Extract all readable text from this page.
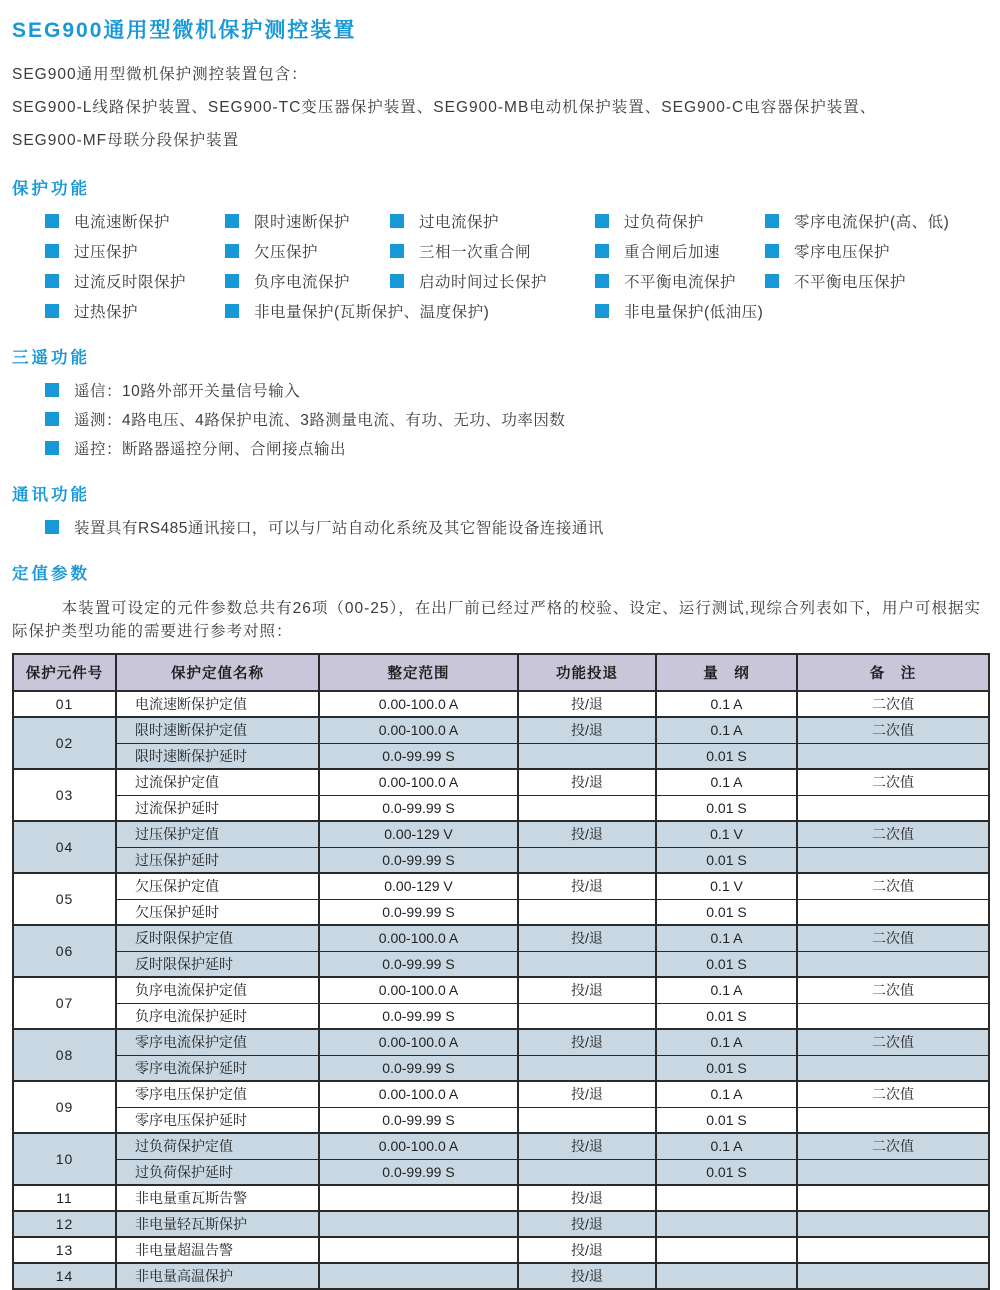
SEG900通用型微机保护测控装置

SEG900通用型微机保护测控装置包含：

SEG900-L线路保护装置、SEG900-TC变压器保护装置、SEG900-MB电动机保护装置、SEG900-C电容器保护装置、

SEG900-MF母联分段保护装置

保护功能
电流速断保护	限时速断保护	过电流保护	过负荷保护	零序电流保护(高、低)
过压保护	欠压保护	三相一次重合闸	重合闸后加速	零序电压保护
过流反时限保护	负序电流保护	启动时间过长保护	不平衡电流保护	不平衡电压保护
过热保护	非电量保护(瓦斯保护、温度保护)	非电量保护(低油压)
三遥功能
遥信：10路外部开关量信号输入
遥测：4路电压、4路保护电流、3路测量电流、有功、无功、功率因数
遥控：断路器遥控分闸、合闸接点输出
通讯功能
装置具有RS485通讯接口，可以与厂站自动化系统及其它智能设备连接通讯
定值参数

本装置可设定的元件参数总共有26项（00-25），在出厂前已经过严格的校验、设定、运行测试,现综合列表如下，用户可根据实际保护类型功能的需要进行参考对照：

保护元件号	保护定值名称	整定范围	功能投退	量　纲	备　注
01	电流速断保护定值	0.00-100.0 A	投/退	0.1 A	二次值
02	限时速断保护定值	0.00-100.0 A	投/退	0.1 A	二次值
	限时速断保护延时	0.0-99.99 S		0.01 S	
03	过流保护定值	0.00-100.0 A	投/退	0.1 A	二次值
	过流保护延时	0.0-99.99 S		0.01 S	
04	过压保护定值	0.00-129 V	投/退	0.1 V	二次值
	过压保护延时	0.0-99.99 S		0.01 S	
05	欠压保护定值	0.00-129 V	投/退	0.1 V	二次值
	欠压保护延时	0.0-99.99 S		0.01 S	
06	反时限保护定值	0.00-100.0 A	投/退	0.1 A	二次值
	反时限保护延时	0.0-99.99 S		0.01 S	
07	负序电流保护定值	0.00-100.0 A	投/退	0.1 A	二次值
	负序电流保护延时	0.0-99.99 S		0.01 S	
08	零序电流保护定值	0.00-100.0 A	投/退	0.1 A	二次值
	零序电流保护延时	0.0-99.99 S		0.01 S	
09	零序电压保护定值	0.00-100.0 A	投/退	0.1 A	二次值
	零序电压保护延时	0.0-99.99 S		0.01 S	
10	过负荷保护定值	0.00-100.0 A	投/退	0.1 A	二次值
	过负荷保护延时	0.0-99.99 S		0.01 S	
11	非电量重瓦斯告警		投/退		
12	非电量轻瓦斯保护		投/退		
13	非电量超温告警		投/退		
14	非电量高温保护		投/退		
